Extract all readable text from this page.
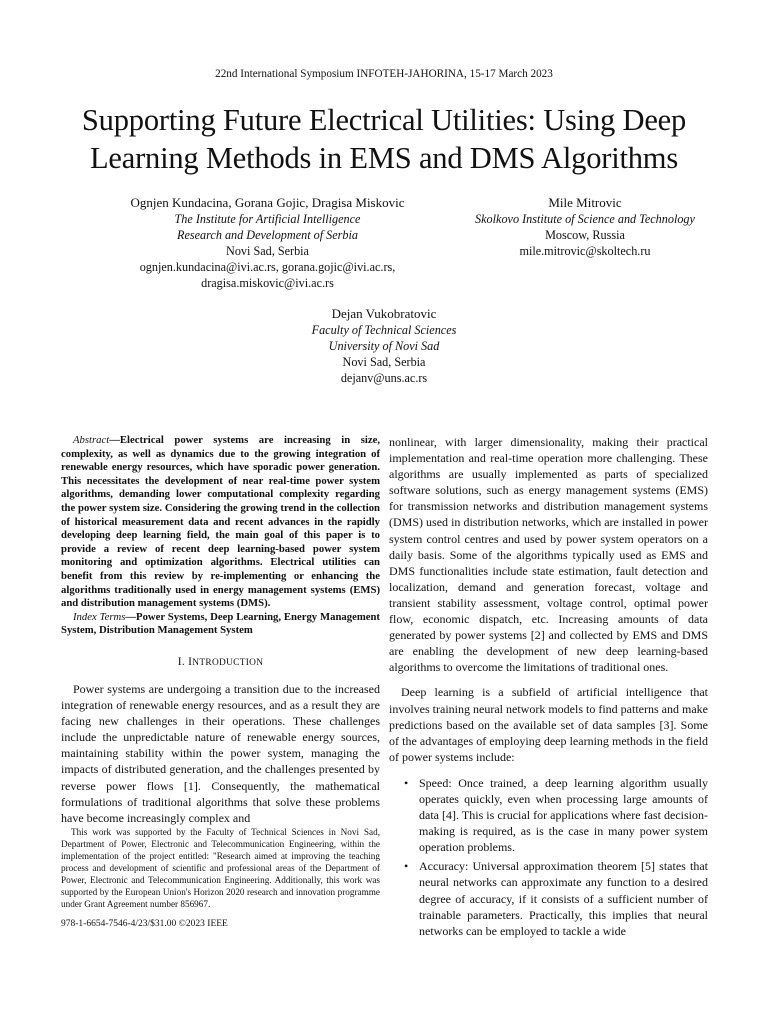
22nd International Symposium INFOTEH-JAHORINA, 15-17 March 2023
Supporting Future Electrical Utilities: Using Deep
Learning Methods in EMS and DMS Algorithms
Ognjen Kundacina, Gorana Gojic, Dragisa Miskovic
The Institute for Artificial Intelligence
Research and Development of Serbia
Novi Sad, Serbia
ognjen.kundacina@ivi.ac.rs, gorana.gojic@ivi.ac.rs,
dragisa.miskovic@ivi.ac.rs
Mile Mitrovic
Skolkovo Institute of Science and Technology
Moscow, Russia
mile.mitrovic@skoltech.ru
Dejan Vukobratovic
Faculty of Technical Sciences
University of Novi Sad
Novi Sad, Serbia
dejanv@uns.ac.rs

Abstract—Electrical power systems are increasing in size, complexity, as well as dynamics due to the growing integration of renewable energy resources, which have sporadic power generation. This necessitates the development of near real-time power system algorithms, demanding lower computational complexity regarding the power system size. Considering the growing trend in the collection of historical measurement data and recent advances in the rapidly developing deep learning field, the main goal of this paper is to provide a review of recent deep learning-based power system monitoring and optimization algorithms. Electrical utilities can benefit from this review by re-implementing or enhancing the algorithms traditionally used in energy management systems (EMS) and distribution management systems (DMS).

Index Terms—Power Systems, Deep Learning, Energy Management System, Distribution Management System

I. INTRODUCTION

Power systems are undergoing a transition due to the increased integration of renewable energy resources, and as a result they are facing new challenges in their operations. These challenges include the unpredictable nature of renewable energy sources, maintaining stability within the power system, managing the impacts of distributed generation, and the challenges presented by reverse power flows [1]. Consequently, the mathematical formulations of traditional algorithms that solve these problems have become increasingly complex and

This work was supported by the Faculty of Technical Sciences in Novi Sad, Department of Power, Electronic and Telecommunication Engineering, within the implementation of the project entitled: "Research aimed at improving the teaching process and development of scientific and professional areas of the Department of Power, Electronic and Telecommunication Engineering. Additionally, this work was supported by the European Union's Horizon 2020 research and innovation programme under Grant Agreement number 856967.
978-1-6654-7546-4/23/$31.00 ©2023 IEEE

nonlinear, with larger dimensionality, making their practical implementation and real-time operation more challenging. These algorithms are usually implemented as parts of specialized software solutions, such as energy management systems (EMS) for transmission networks and distribution management systems (DMS) used in distribution networks, which are installed in power system control centres and used by power system operators on a daily basis. Some of the algorithms typically used as EMS and DMS functionalities include state estimation, fault detection and localization, demand and generation forecast, voltage and transient stability assessment, voltage control, optimal power flow, economic dispatch, etc. Increasing amounts of data generated by power systems [2] and collected by EMS and DMS are enabling the development of new deep learning-based algorithms to overcome the limitations of traditional ones.

Deep learning is a subfield of artificial intelligence that involves training neural network models to find patterns and make predictions based on the available set of data samples [3]. Some of the advantages of employing deep learning methods in the field of power systems include:

• Speed: Once trained, a deep learning algorithm usually operates quickly, even when processing large amounts of data [4]. This is crucial for applications where fast decision-making is required, as is the case in many power system operation problems.
• Accuracy: Universal approximation theorem [5] states that neural networks can approximate any function to a desired degree of accuracy, if it consists of a sufficient number of trainable parameters. Practically, this implies that neural networks can be employed to tackle a wide
